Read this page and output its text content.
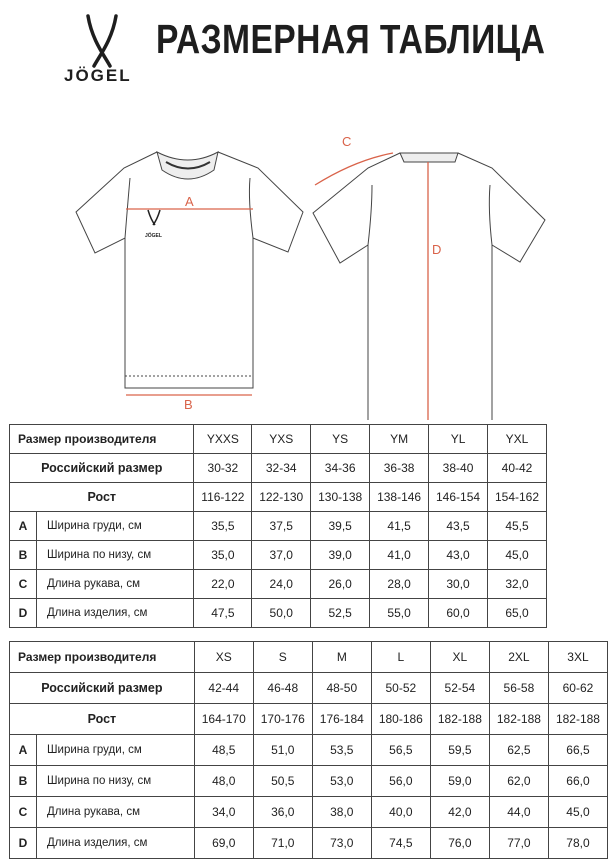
JÖGEL
A
B
C
D
РАЗМЕРНАЯ ТАБЛИЦА
JÖGEL
Размер производителя		YXXS	YXS	YS	YM	YL	YXL
Российский размер		30-32	32-34	34-36	36-38	38-40	40-42
Рост		116-122	122-130	130-138	138-146	146-154	154-162
A	Ширина груди, см	35,5	37,5	39,5	41,5	43,5	45,5
B	Ширина по низу, см	35,0	37,0	39,0	41,0	43,0	45,0
C	Длина рукава, см	22,0	24,0	26,0	28,0	30,0	32,0
D	Длина изделия, см	47,5	50,0	52,5	55,0	60,0	65,0
Размер производителя		XS	S	M	L	XL	2XL	3XL
Российский размер		42-44	46-48	48-50	50-52	52-54	56-58	60-62
Рост		164-170	170-176	176-184	180-186	182-188	182-188	182-188
A	Ширина груди, см	48,5	51,0	53,5	56,5	59,5	62,5	66,5
B	Ширина по низу, см	48,0	50,5	53,0	56,0	59,0	62,0	66,0
C	Длина рукава, см	34,0	36,0	38,0	40,0	42,0	44,0	45,0
D	Длина изделия, см	69,0	71,0	73,0	74,5	76,0	77,0	78,0
